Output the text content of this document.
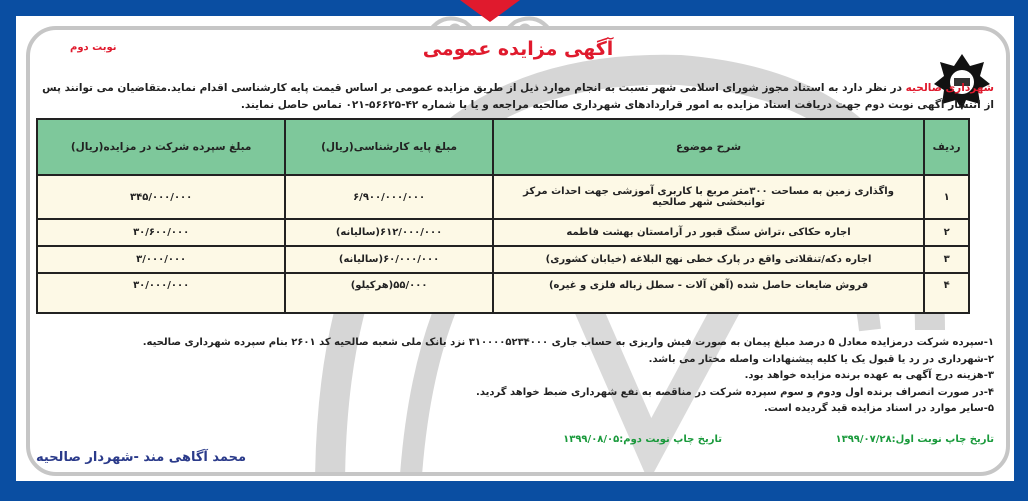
نوبت دوم	آگهی مزایده عمومی
شهرداری صالحیه در نظر دارد به استناد مجوز شورای اسلامی شهر نسبت به انجام موارد ذیل از طریق مزایده عمومی بر اساس قیمت پایه کارشناسی اقدام نماید.متقاضیان می توانند پس از انتشار آگهی نوبت دوم جهت دریافت اسناد مزایده به امور قراردادهای شهرداری صالحیه مراجعه و یا با شماره ۴۲-۵۶۶۲۵-۰۲۱ تماس حاصل نمایند.
ردیف	شرح موضوع	مبلغ پایه کارشناسی(ریال)	مبلغ سپرده شرکت در مزایده(ریال)
۱	واگذاری زمین به مساحت ۳۰۰متر مربع با کاربری آموزشی جهت احداث مرکز توانبخشی شهر صالحیه	۶/۹۰۰/۰۰۰/۰۰۰	۳۴۵/۰۰۰/۰۰۰
۲	اجاره حکاکی ،تراش سنگ قبور در آرامستان بهشت فاطمه	۶۱۲/۰۰۰/۰۰۰(سالیانه)	۳۰/۶۰۰/۰۰۰
۳	اجاره دکه/تنقلاتی واقع در پارک خطی نهج البلاغه (خیابان کشوری)	۶۰/۰۰۰/۰۰۰(سالیانه)	۳/۰۰۰/۰۰۰
۴	فروش ضایعات حاصل شده (آهن آلات - سطل زباله فلزی و غیره)	۵۵/۰۰۰(هرکیلو)	۳۰/۰۰۰/۰۰۰
۱-سپرده شرکت درمزایده معادل ۵ درصد مبلغ پیمان به صورت فیش واریزی به حساب جاری ۳۱۰۰۰۰۵۲۳۴۰۰۰ نزد بانک ملی شعبه صالحیه کد ۲۶۰۱ بنام سپرده شهرداری صالحیه.
۲-شهرداری در رد یا قبول یک یا کلیه پیشنهادات واصله مختار می باشد.
۳-هزینه درج آگهی به عهده برنده مزایده خواهد بود.
۴-در صورت انصراف برنده اول ودوم و سوم سپرده شرکت در مناقصه به نفع شهرداری ضبط خواهد گردید.
۵-سایر موارد در اسناد مزایده قید گردیده است.
تاریخ چاپ نوبت اول:۱۳۹۹/۰۷/۲۸ تاریخ چاپ نوبت دوم:۱۳۹۹/۰۸/۰۵
محمد آگاهی مند -شهردار صالحیه
